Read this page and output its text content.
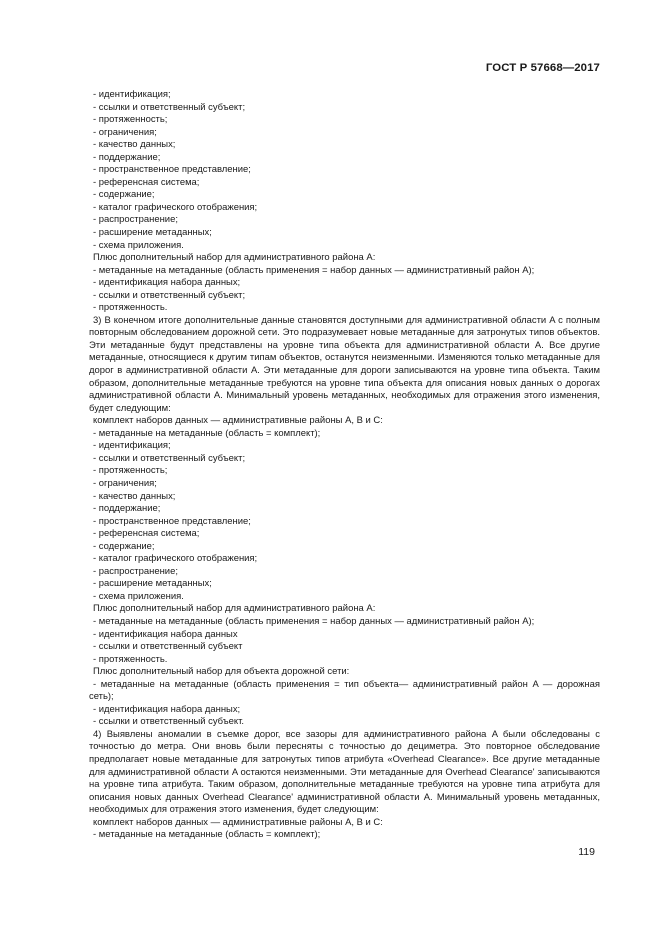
ГОСТ Р 57668—2017
- идентификация;
- ссылки и ответственный субъект;
- протяженность;
- ограничения;
- качество данных;
- поддержание;
- пространственное представление;
- референсная система;
- содержание;
- каталог графического отображения;
- распространение;
- расширение метаданных;
- схема приложения.
Плюс дополнительный набор для административного района A:
- метаданные на метаданные (область применения = набор данных — административный район A);
- идентификация набора данных;
- ссылки и ответственный субъект;
- протяженность.

3) В конечном итоге дополнительные данные становятся доступными для административной области A с полным повторным обследованием дорожной сети. Это подразумевает новые метаданные для затронутых типов объектов. Эти метаданные будут представлены на уровне типа объекта для административной области A. Все другие метаданные, относящиеся к другим типам объектов, останутся неизменными. Изменяются только метаданные для дорог в административной области A. Эти метаданные для дороги записываются на уровне типа объекта. Таким образом, дополнительные метаданные требуются на уровне типа объекта для описания новых данных о дорогах административной области A. Минимальный уровень метаданных, необходимых для отражения этого изменения, будет следующим:

комплект наборов данных — административные районы A, B и C:
- метаданные на метаданные (область = комплект);
- идентификация;
- ссылки и ответственный субъект;
- протяженность;
- ограничения;
- качество данных;
- поддержание;
- пространственное представление;
- референсная система;
- содержание;
- каталог графического отображения;
- распространение;
- расширение метаданных;
- схема приложения.
Плюс дополнительный набор для административного района A:
- метаданные на метаданные (область применения = набор данных — административный район A);
- идентификация набора данных
- ссылки и ответственный субъект
- протяженность.
Плюс дополнительный набор для объекта дорожной сети:

- метаданные на метаданные (область применения = тип объекта— административный район A — дорожная сеть);

- идентификация набора данных;
- ссылки и ответственный субъект.

4) Выявлены аномалии в съемке дорог, все зазоры для административного района A были обследованы с точностью до метра. Они вновь были пересняты с точностью до дециметра. Это повторное обследование предполагает новые метаданные для затронутых типов атрибута «Overhead Clearance». Все другие метаданные для административной области A остаются неизменными. Эти метаданные для Overhead Clearance' записываются на уровне типа атрибута. Таким образом, дополнительные метаданные требуются на уровне типа атрибута для описания новых данных Overhead Clearance' административной области A. Минимальный уровень метаданных, необходимых для отражения этого изменения, будет следующим:

комплект наборов данных — административные районы A, B и C:
- метаданные на метаданные (область = комплект);
119
